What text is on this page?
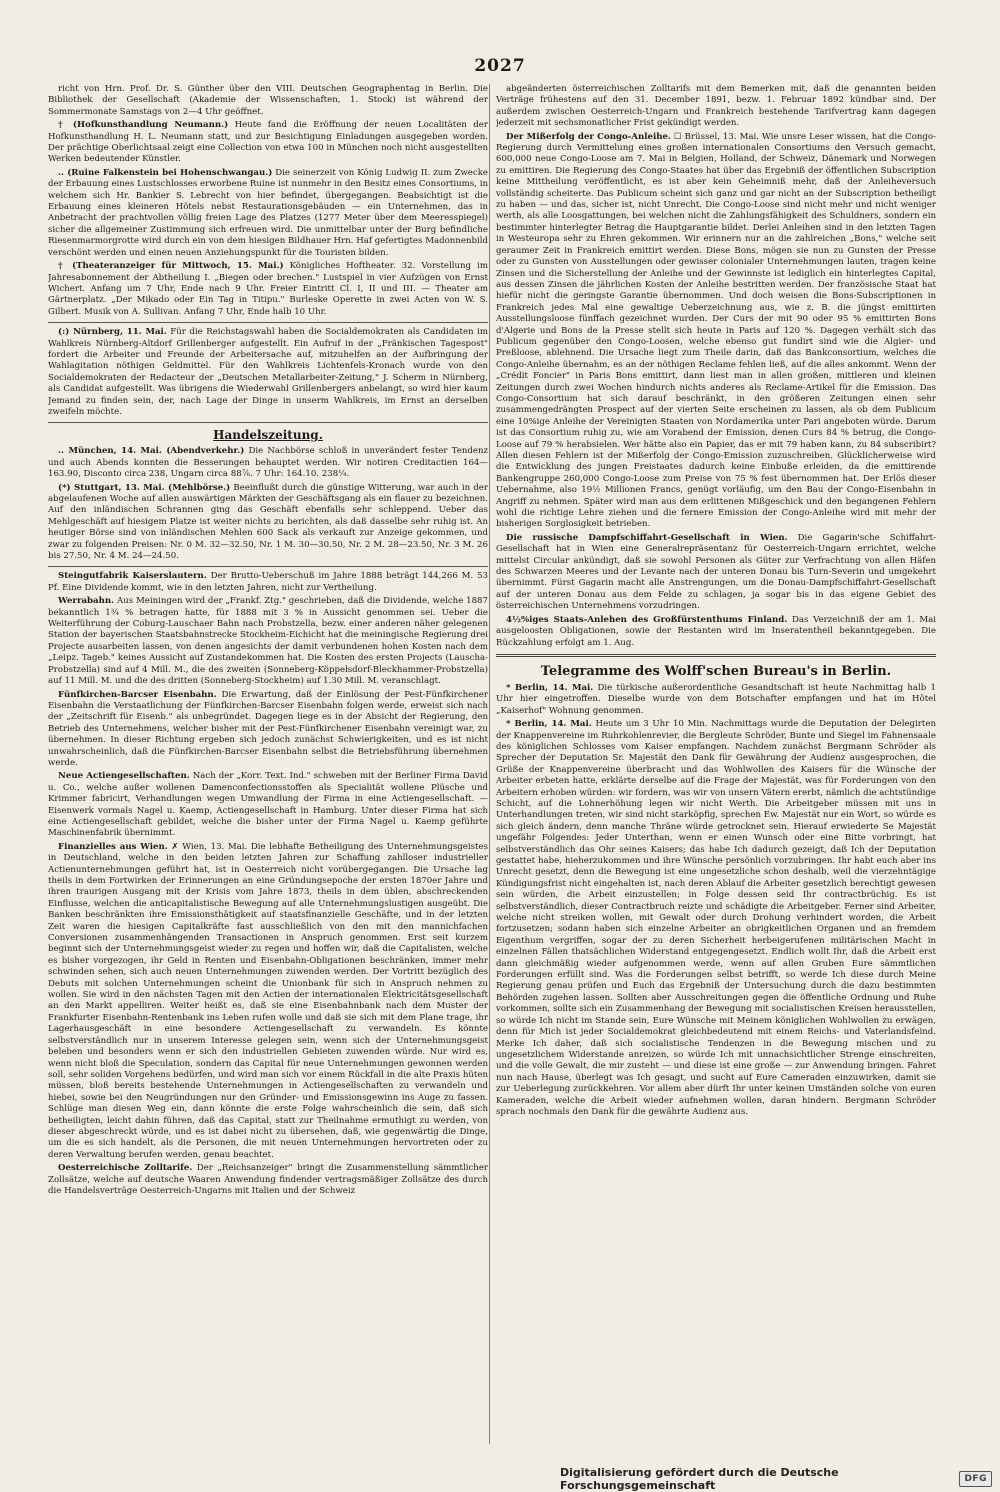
2027

richt von Hrn. Prof. Dr. S. Günther über den VIII. Deutschen Geographentag in Berlin. Die Bibliothek der Gesellschaft (Akademie der Wissenschaften, 1. Stock) ist während der Sommermonate Samstags von 2—4 Uhr geöffnet.

† (Hofkunsthandlung Neumann.) Heute fand die Eröffnung der neuen Localitäten der Hofkunsthandlung H. L. Neumann statt, und zur Besichtigung Einladungen ausgegeben worden. Der prächtige Oberlichtsaal zeigt eine Collection von etwa 100 in München noch nicht ausgestellten Werken bedeutender Künstler.

.. (Ruine Falkenstein bei Hohenschwangau.) Die seinerzeit von König Ludwig II. zum Zwecke der Erbauung eines Lustschlosses erworbene Ruine ist nunmehr in den Besitz eines Consortiums, in welchem sich Hr. Bankier S. Lebrecht von hier befindet, übergegangen. Beabsichtigt ist die Erbauung eines kleineren Hôtels nebst Restaurationsgebäuden — ein Unternehmen, das in Anbetracht der prachtvollen völlig freien Lage des Platzes (1277 Meter über dem Meeresspiegel) sicher die allgemeiner Zustimmung sich erfreuen wird. Die unmittelbar unter der Burg befindliche Riesenmarmorgrotte wird durch ein von dem hiesigen Bildhauer Hrn. Haf gefertigtes Madonnenbild verschönt werden und einen neuen Anziehungspunkt für die Touristen bilden.

† (Theateranzeiger für Mittwoch, 15. Mai.) Königliches Hoftheater. 32. Vorstellung im Jahresabonnement der Abtheilung I. „Biegen oder brechen." Lustspiel in vier Aufzügen von Ernst Wichert. Anfang um 7 Uhr, Ende nach 9 Uhr. Freier Eintritt Cl. I, II und III. — Theater am Gärtnerplatz. „Der Mikado oder Ein Tag in Titipu." Burleske Operette in zwei Acten von W. S. Gilbert. Musik von A. Sullivan. Anfang 7 Uhr, Ende halb 10 Uhr.

(:) Nürnberg, 11. Mai. Für die Reichstagswahl haben die Socialdemokraten als Candidaten im Wahlkreis Nürnberg-Altdorf Grillenberger aufgestellt. Ein Aufruf in der „Fränkischen Tagespost" fordert die Arbeiter und Freunde der Arbeitersache auf, mitzuhelfen an der Aufbringung der Wahlagitation nöthigen Geldmittel. Für den Wahlkreis Lichtenfels-Kronach wurde von den Socialdemokraten der Redacteur der „Deutschen Metallarbeiter-Zeitung," J. Scherm in Nürnberg, als Candidat aufgestellt. Was übrigens die Wiederwahl Grillenbergers anbelangt, so wird hier kaum Jemand zu finden sein, der, nach Lage der Dinge in unserm Wahlkreis, im Ernst an derselben zweifeln möchte.

Handelszeitung.

.. München, 14. Mai. (Abendverkehr.) Die Nachbörse schloß in unverändert fester Tendenz und auch Abends konnten die Besserungen behauptet werden. Wir notiren Creditactien 164—163.90, Disconto circa 238, Ungarn circa 88⅞. 7 Uhr: 164.10. 238¼.

(*) Stuttgart, 13. Mai. (Mehlbörse.) Beeinflußt durch die günstige Witterung, war auch in der abgelaufenen Woche auf allen auswärtigen Märkten der Geschäftsgang als ein flauer zu bezeichnen. Auf den inländischen Schrannen ging das Geschäft ebenfalls sehr schleppend. Ueber das Mehlgeschäft auf hiesigem Platze ist weiter nichts zu berichten, als daß dasselbe sehr ruhig ist. An heutiger Börse sind von inländischen Mehlen 600 Sack als verkauft zur Anzeige gekommen, und zwar zu folgenden Preisen: Nr. 0 M. 32—32.50, Nr. 1 M. 30—30.50, Nr. 2 M. 28—23.50, Nr. 3 M. 26 bis 27.50, Nr. 4 M. 24—24.50.

Steingutfabrik Kaiserslautern. Der Brutto-Ueberschuß im Jahre 1888 beträgt 144,266 M. 53 Pf. Eine Dividende kommt, wie in den letzten Jahren, nicht zur Vertheilung.

Werrabahn. Aus Meiningen wird der „Frankf. Ztg." geschrieben, daß die Dividende, welche 1887 bekanntlich 1¾ % betragen hatte, für 1888 mit 3 % in Aussicht genommen sei. Ueber die Weiterführung der Coburg-Lauschaer Bahn nach Probstzella, bezw. einer anderen näher gelegenen Station der bayerischen Staatsbahnstrecke Stockheim-Eichicht hat die meiningische Regierung drei Projecte ausarbeiten lassen, von denen angesichts der damit verbundenen hohen Kosten nach dem „Leipz. Tageb." keines Aussicht auf Zustandekommen hat. Die Kosten des ersten Projects (Lauscha-Probstzella) sind auf 4 Mill. M., die des zweiten (Sonneberg-Köppelsdorf-Bleckhammer-Probstzella) auf 11 Mill. M. und die des dritten (Sonneberg-Stockheim) auf 1.30 Mill. M. veranschlagt.

Fünfkirchen-Barcser Eisenbahn. Die Erwartung, daß der Einlösung der Pest-Fünfkirchener Eisenbahn die Verstaatlichung der Fünfkirchen-Barcser Eisenbahn folgen werde, erweist sich nach der „Zeitschrift für Eisenb." als unbegründet. Dagegen liege es in der Absicht der Regierung, den Betrieb des Unternehmens, welcher bisher mit der Pest-Fünfkirchener Eisenbahn vereinigt war, zu übernehmen. In dieser Richtung ergeben sich jedoch zunächst Schwierigkeiten, und es ist nicht unwahrscheinlich, daß die Fünfkirchen-Barcser Eisenbahn selbst die Betriebsführung übernehmen werde.

Neue Actiengesellschaften. Nach der „Korr. Text. Ind." schweben mit der Berliner Firma David u. Co., welche außer wollenen Damenconfectionsstoffen als Specialität wollene Plüsche und Krimmer fabricirt, Verhandlungen wegen Umwandlung der Firma in eine Actiengesellschaft. — Eisenwerk vormals Nagel u. Kaemp, Actiengesellschaft in Hamburg. Unter dieser Firma hat sich eine Actiengesellschaft gebildet, welche die bisher unter der Firma Nagel u. Kaemp geführte Maschinenfabrik übernimmt.

Finanzielles aus Wien. ✗ Wien, 13. Mai. Die lebhafte Betheiligung des Unternehmungsgeistes in Deutschland, welche in den beiden letzten Jahren zur Schaffung zahlloser industrieller Actienunternehmungen geführt hat, ist in Oesterreich nicht vorübergegangen. Die Ursache lag theils in dem Fortwirken der Erinnerungen an eine Gründungsepoche der ersten 1870er Jahre und ihren traurigen Ausgang mit der Krisis vom Jahre 1873, theils in dem üblen, abschreckenden Einflusse, welchen die anticapitalistische Bewegung auf alle Unternehmungslustigen ausgeübt. Die Banken beschränkten ihre Emissionsthätigkeit auf staatsfinanzielle Geschäfte, und in der letzten Zeit waren die hiesigen Capitalkräfte fast ausschließlich von den mit den mannichfachen Conversionen zusammenhängenden Transactionen in Anspruch genommen. Erst seit kurzem beginnt sich der Unternehmungsgeist wieder zu regen und hoffen wir, daß die Capitalisten, welche es bisher vorgezogen, ihr Geld in Renten und Eisenbahn-Obligationen beschränken, immer mehr schwinden sehen, sich auch neuen Unternehmungen zuwenden werden. Der Vortritt bezüglich des Debuts mit solchen Unternehmungen scheint die Unionbank für sich in Anspruch nehmen zu wollen. Sie wird in den nächsten Tagen mit den Actien der internationalen Elektricitätsgesellschaft an den Markt appelliren. Weiter heißt es, daß sie eine Eisenbahnbank nach dem Muster der Frankfurter Eisenbahn-Rentenbank ins Leben rufen wolle und daß sie sich mit dem Plane trage, ihr Lagerhausgeschäft in eine besondere Actiengesellschaft zu verwandeln. Es könnte selbstverständlich nur in unserem Interesse gelegen sein, wenn sich der Unternehmungsgeist beleben und besonders wenn er sich den industriellen Gebieten zuwenden würde. Nur wird es, wenn nicht bloß die Speculation, sondern das Capital für neue Unternehmungen gewonnen werden soll, sehr soliden Vorgehens bedürfen, und wird man sich vor einem Rückfall in die alte Praxis hüten müssen, bloß bereits bestehende Unternehmungen in Actiengesellschaften zu verwandeln und hiebei, sowie bei den Neugründungen nur den Gründer- und Emissionsgewinn ins Auge zu fassen. Schlüge man diesen Weg ein, dann könnte die erste Folge wahrscheinlich die sein, daß sich betheiligten, leicht dahin führen, daß das Capital, statt zur Theilnahme ermuthigt zu werden, von dieser abgeschreckt würde, und es ist dabei nicht zu übersehen, daß, wie gegenwärtig die Dinge, um die es sich handelt, als die Personen, die mit neuen Unternehmungen hervortreten oder zu deren Verwaltung berufen werden, genau beachtet.

Oesterreichische Zolltarife. Der „Reichsanzeiger" bringt die Zusammenstellung sämmtlicher Zollsätze, welche auf deutsche Waaren Anwendung findender vertragsmäßiger Zollsätze des durch die Handelsverträge Oesterreich-Ungarns mit Italien und der Schweiz

abgeänderten österreichischen Zolltarifs mit dem Bemerken mit, daß die genannten beiden Verträge frühestens auf den 31. December 1891, bezw. 1. Februar 1892 kündbar sind. Der außerdem zwischen Oesterreich-Ungarn und Frankreich bestehende Tarifvertrag kann dagegen jederzeit mit sechsmonatlicher Frist gekündigt werden.

Der Mißerfolg der Congo-Anleihe. ☐ Brüssel, 13. Mai. Wie unsre Leser wissen, hat die Congo-Regierung durch Vermittelung eines großen internationalen Consortiums den Versuch gemacht, 600,000 neue Congo-Loose am 7. Mai in Belgien, Holland, der Schweiz, Dänemark und Norwegen zu emittiren. Die Regierung des Congo-Staates hat über das Ergebniß der öffentlichen Subscription keine Mittheilung veröffentlicht, es ist aber kein Geheimniß mehr, daß der Anleiheversuch vollständig scheiterte. Das Publicum scheint sich ganz und gar nicht an der Subscription betheiligt zu haben — und das, sicher ist, nicht Unrecht. Die Congo-Loose sind nicht mehr und nicht weniger werth, als alle Loosgattungen, bei welchen nicht die Zahlungsfähigkeit des Schuldners, sondern ein bestimmter hinterlegter Betrag die Hauptgarantie bildet. Derlei Anleihen sind in den letzten Tagen in Westeuropa sehr zu Ehren gekommen. Wir erinnern nur an die zahlreichen „Bons," welche seit geraumer Zeit in Frankreich emittirt werden. Diese Bons, mögen sie nun zu Gunsten der Presse oder zu Gunsten von Ausstellungen oder gewisser colonialer Unternehmungen lauten, tragen keine Zinsen und die Sicherstellung der Anleihe und der Gewinnste ist lediglich ein hinterlegtes Capital, aus dessen Zinsen die jährlichen Kosten der Anleihe bestritten werden. Der französische Staat hat hiefür nicht die geringste Garantie übernommen. Und doch weisen die Bons-Subscriptionen in Frankreich jedes Mal eine gewaltige Ueberzeichnung aus, wie z. B. die jüngst emittirten Ausstellungsloose fünffach gezeichnet wurden. Der Curs der mit 90 oder 95 % emittirten Bons d'Algerie und Bons de la Presse stellt sich heute in Paris auf 120 %. Dagegen verhält sich das Publicum gegenüber den Congo-Loosen, welche ebenso gut fundirt sind wie die Algier- und Preßloose, ablehnend. Die Ursache liegt zum Theile darin, daß das Bankconsortium, welches die Congo-Anleihe übernahm, es an der nöthigen Reclame fehlen ließ, auf die alles ankommt. Wenn der „Crédit Foncier" in Paris Bons emittirt, dann liest man in allen großen, mittleren und kleinen Zeitungen durch zwei Wochen hindurch nichts anderes als Reclame-Artikel für die Emission. Das Congo-Consortium hat sich darauf beschränkt, in den größeren Zeitungen einen sehr zusammengedrängten Prospect auf der vierten Seite erscheinen zu lassen, als ob dem Publicum eine 10%ige Anleihe der Vereinigten Staaten von Nordamerika unter Pari angeboten würde. Darum ist das Consortium ruhig zu, wie am Vorabend der Emission, denen Curs 84 % betrug, die Congo-Loose auf 79 % herabsielen. Wer hätte also ein Papier, das er mit 79 haben kann, zu 84 subscribirt? Allen diesen Fehlern ist der Mißerfolg der Congo-Emission zuzuschreiben. Glücklicherweise wird die Entwicklung des jungen Freistaates dadurch keine Einbuße erleiden, da die emittirende Bankengruppe 260,000 Congo-Loose zum Preise von 75 % fest übernommen hat. Der Erlös dieser Uebernahme, also 19½ Millionen Francs, genügt vorläufig, um den Bau der Congo-Eisenbahn in Angriff zu nehmen. Später wird man aus dem erlittenen Mißgeschick und den begangenen Fehlern wohl die richtige Lehre ziehen und die fernere Emission der Congo-Anleihe wird mit mehr der bisherigen Sorglosigkeit betrieben.

Die russische Dampfschiffahrt-Gesellschaft in Wien. Die Gagarin'sche Schiffahrt-Gesellschaft hat in Wien eine Generalrepräsentanz für Oesterreich-Ungarn errichtet, welche mittelst Circular ankündigt, daß sie sowohl Personen als Güter zur Verfrachtung von allen Häfen des Schwarzen Meeres und der Levante nach der unteren Donau bis Turn-Severin und umgekehrt übernimmt. Fürst Gagarin macht alle Anstrengungen, um die Donau-Dampfschiffahrt-Gesellschaft auf der unteren Donau aus dem Felde zu schlagen, ja sogar bis in das eigene Gebiet des österreichischen Unternehmens vorzudringen.

4½%iges Staats-Anlehen des Großfürstenthums Finland. Das Verzeichniß der am 1. Mai ausgeloosten Obligationen, sowie der Restanten wird im Inseratentheil bekanntgegeben. Die Rückzahlung erfolgt am 1. Aug.

Telegramme des Wolff'schen Bureau's in Berlin.

* Berlin, 14. Mai. Die türkische außerordentliche Gesandtschaft ist heute Nachmittag halb 1 Uhr hier eingetroffen. Dieselbe wurde von dem Botschafter empfangen und hat im Hôtel „Kaiserhof" Wohnung genommen.

* Berlin, 14. Mai. Heute um 3 Uhr 10 Min. Nachmittags wurde die Deputation der Delegirten der Knappenvereine im Ruhrkohlenrevier, die Bergleute Schröder, Bunte und Siegel im Fahnensaale des königlichen Schlosses vom Kaiser empfangen. Nachdem zunächst Bergmann Schröder als Sprecher der Deputation Sr. Majestät den Dank für Gewährung der Audienz ausgesprochen, die Grüße der Knappenvereine überbracht und das Wohlwollen des Kaisers für die Wünsche der Arbeiter erbeten hatte, erklärte derselbe auf die Frage der Majestät, was für Forderungen von den Arbeitern erhoben würden: wir fordern, was wir von unsern Vätern ererbt, nämlich die achtstündige Schicht, auf die Lohnerhöhung legen wir nicht Werth. Die Arbeitgeber müssen mit uns in Unterhandlungen treten, wir sind nicht starköpfig, sprechen Ew. Majestät nur ein Wort, so würde es sich gleich ändern, denn manche Thräne würde getrocknet sein. Hierauf erwiederte Se Majestät ungefähr Folgendes: Jeder Unterthan, wenn er einen Wunsch oder eine Bitte vorbringt, hat selbstverständlich das Ohr seines Kaisers; das habe Ich dadurch gezeigt, daß Ich der Deputation gestattet habe, hieherzukommen und ihre Wünsche persönlich vorzubringen. Ihr habt euch aber ins Unrecht gesetzt, denn die Bewegung ist eine ungesetzliche schon deshalb, weil die vierzehntägige Kündigungsfrist nicht eingehalten ist, nach deren Ablauf die Arbeiter gesetzlich berechtigt gewesen sein würden, die Arbeit einzustellen; in Folge dessen seid Ihr contractbrüchig. Es ist selbstverständlich, dieser Contractbruch reizte und schädigte die Arbeitgeber. Ferner sind Arbeiter, welche nicht streiken wollen, mit Gewalt oder durch Drohung verhindert worden, die Arbeit fortzusetzen; sodann haben sich einzelne Arbeiter an obrigkeitlichen Organen und an fremdem Eigenthum vergriffen, sogar der zu deren Sicherheit herbeigerufenen militärischen Macht in einzelnen Fällen thatsächlichen Widerstand entgegengesetzt. Endlich wollt Ihr, daß die Arbeit erst dann gleichmäßig wieder aufgenommen werde, wenn auf allen Gruben Eure sämmtlichen Forderungen erfüllt sind. Was die Forderungen selbst betrifft, so werde Ich diese durch Meine Regierung genau prüfen und Euch das Ergebniß der Untersuchung durch die dazu bestimmten Behörden zugehen lassen. Sollten aber Ausschreitungen gegen die öffentliche Ordnung und Ruhe vorkommen, sollte sich ein Zusammenhang der Bewegung mit socialistischen Kreisen herausstellen, so würde Ich nicht im Stande sein, Eure Wünsche mit Meinem königlichen Wohlwollen zu erwägen, denn für Mich ist jeder Socialdemokrat gleichbedeutend mit einem Reichs- und Vaterlandsfeind. Merke Ich daher, daß sich socialistische Tendenzen in die Bewegung mischen und zu ungesetzlichem Widerstande anreizen, so würde Ich mit unnachsichtlicher Strenge einschreiten, und die volle Gewalt, die mir zusteht — und diese ist eine große — zur Anwendung bringen. Fahret nun nach Hause, überlegt was Ich gesagt, und sucht auf Eure Cameraden einzuwirken, damit sie zur Ueberlegung zurückkehren. Vor allem aber dürft Ihr unter keinen Umständen solche von euren Kameraden, welche die Arbeit wieder aufnehmen wollen, daran hindern. Bergmann Schröder sprach nochmals den Dank für die gewährte Audienz aus.

Digitalisierung gefördert durch die Deutsche Forschungsgemeinschaft	DFG
